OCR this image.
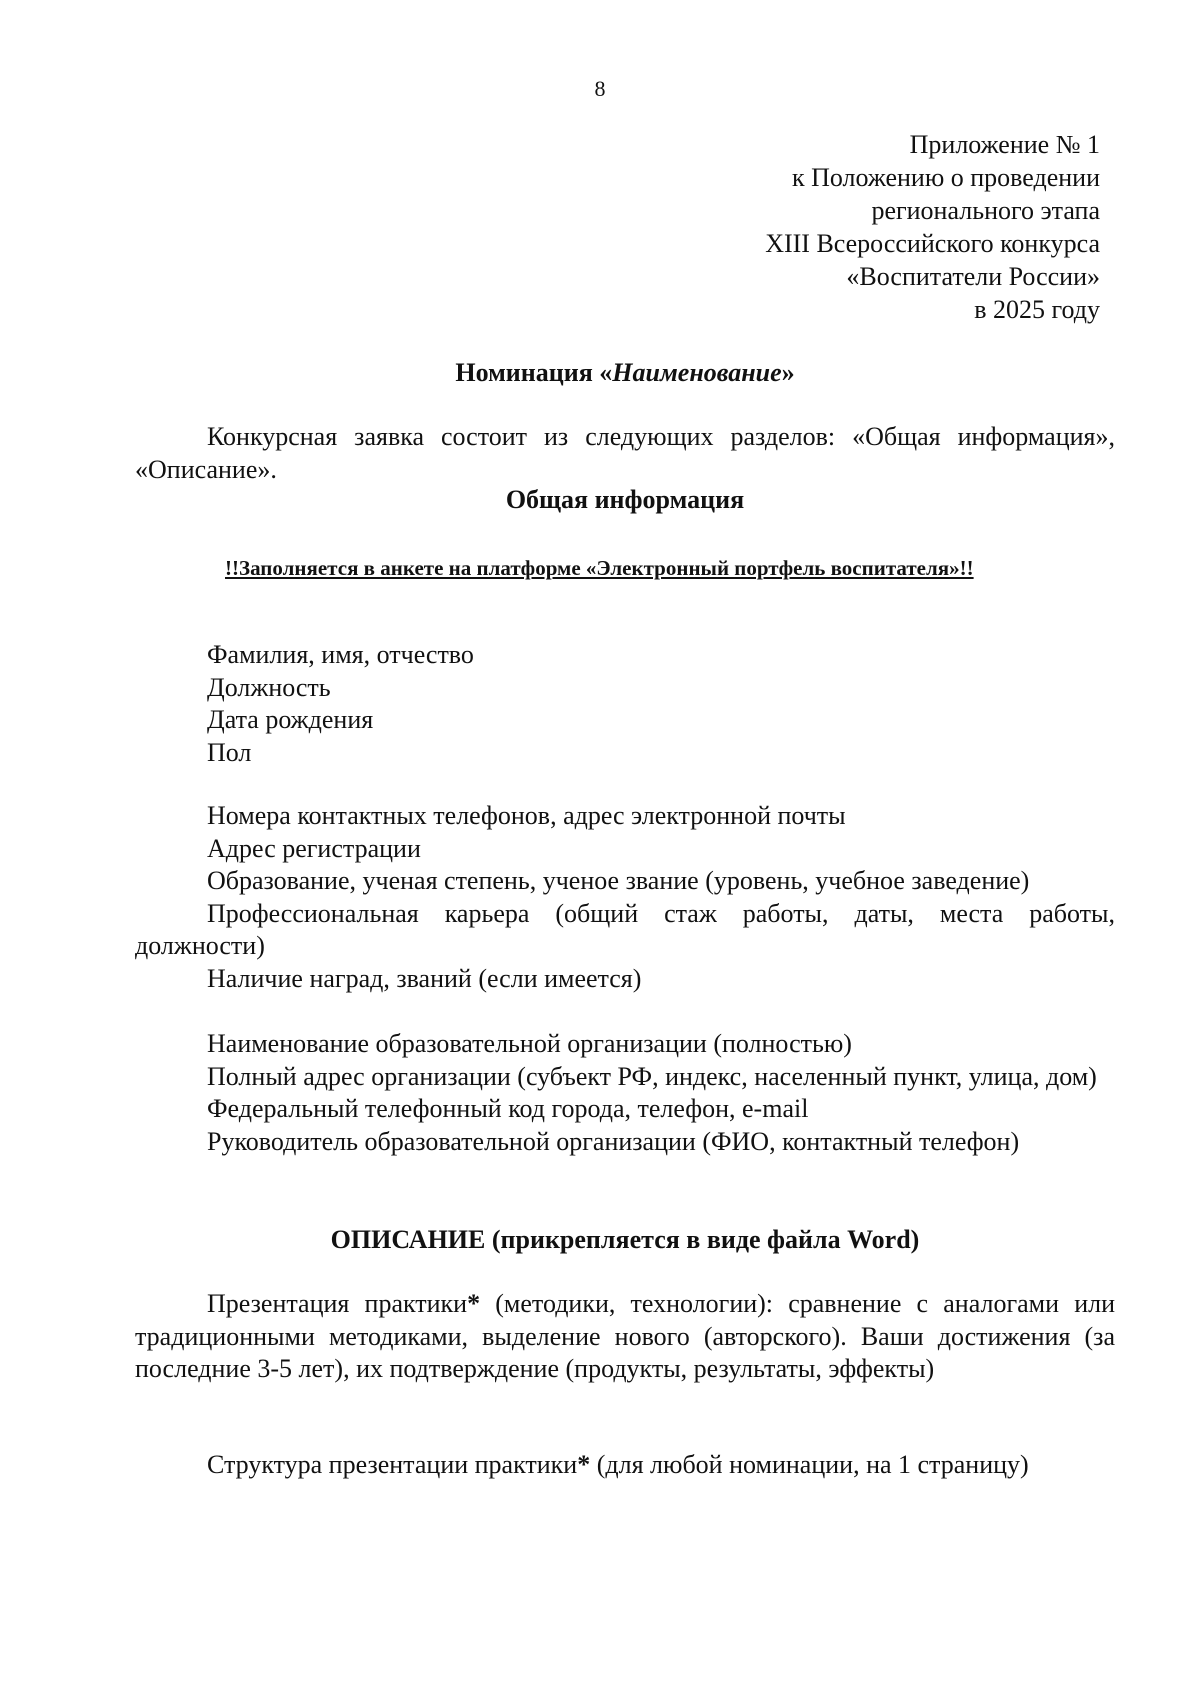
8
Приложение № 1
к Положению о проведении
регионального этапа
XIII Всероссийского конкурса
«Воспитатели России»
в 2025 году
Номинация «Наименование»
Конкурсная заявка состоит из следующих разделов: «Общая информация», «Описание».
Общая информация
!!Заполняется в анкете на платформе «Электронный портфель воспитателя»!!
Фамилия, имя, отчество
Должность
Дата рождения
Пол
Номера контактных телефонов, адрес электронной почты
Адрес регистрации
Образование, ученая степень, ученое звание (уровень, учебное заведение)
Профессиональная карьера (общий стаж работы, даты, места работы, должности)
Наличие наград, званий (если имеется)
Наименование образовательной организации (полностью)
Полный адрес организации (субъект РФ, индекс, населенный пункт, улица, дом)
Федеральный телефонный код города, телефон, e-mail
Руководитель образовательной организации (ФИО, контактный телефон)
ОПИСАНИЕ (прикрепляется в виде файла Word)
Презентация практики* (методики, технологии): сравнение с аналогами или традиционными методиками, выделение нового (авторского). Ваши достижения (за последние 3-5 лет), их подтверждение (продукты, результаты, эффекты)
Структура презентации практики* (для любой номинации, на 1 страницу)
